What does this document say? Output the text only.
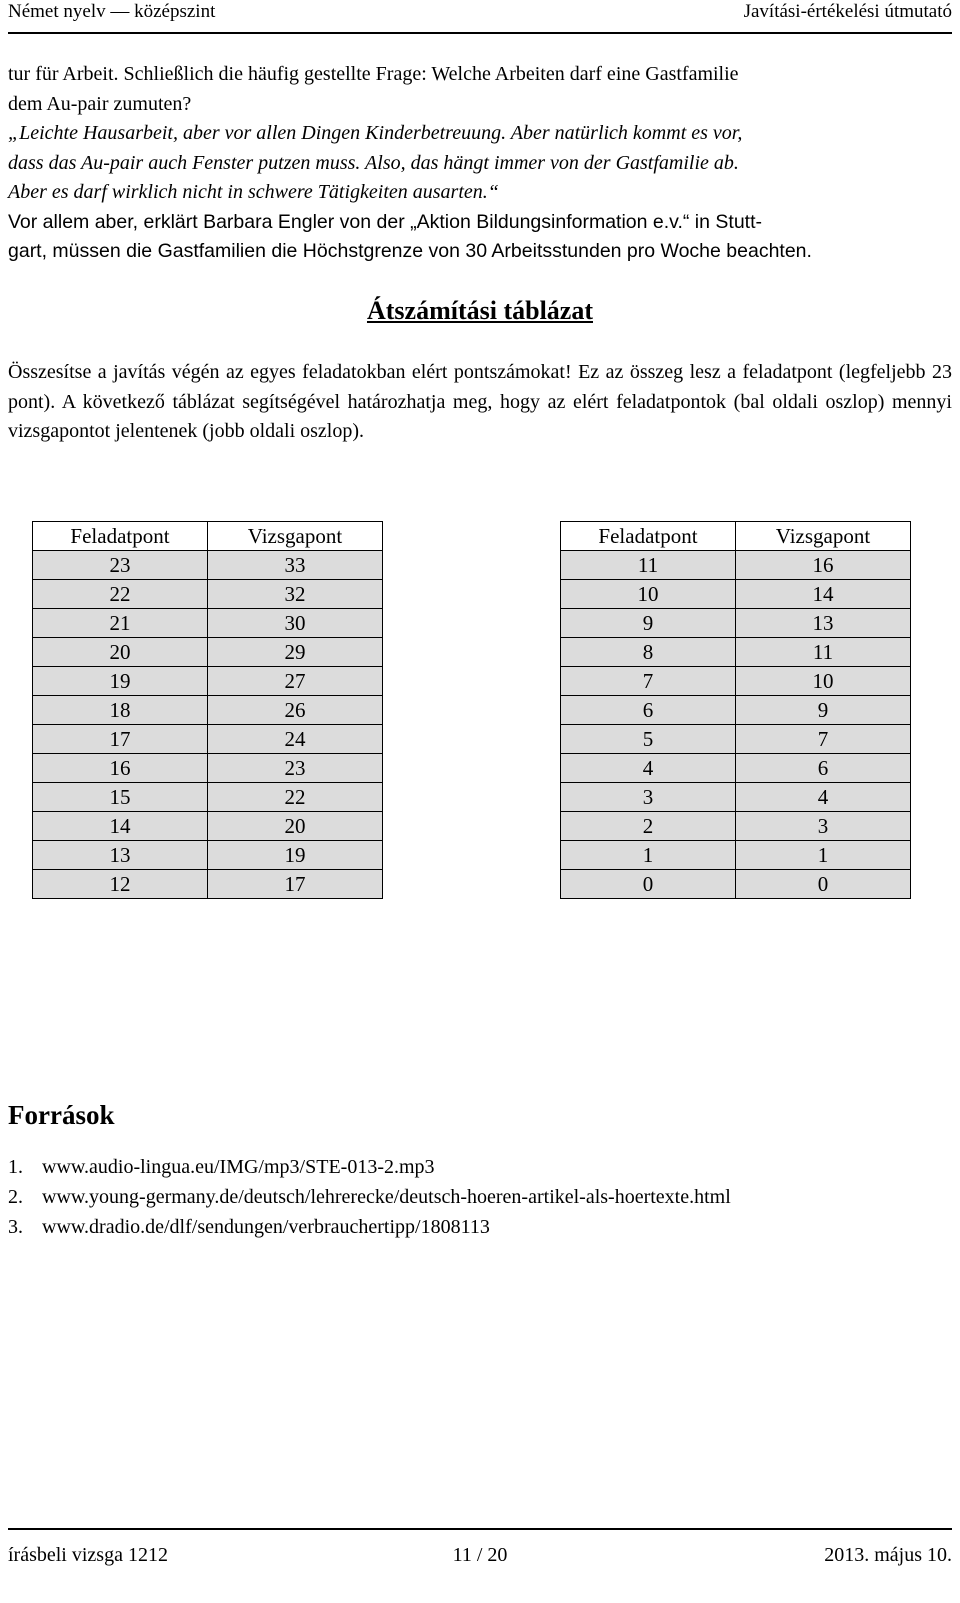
Német nyelv — középszint	Javítási-értékelési útmutató
tur für Arbeit. Schließlich die häufig gestellte Frage: Welche Arbeiten darf eine Gastfamilie
dem Au-pair zumuten?
„Leichte Hausarbeit, aber vor allen Dingen Kinderbetreuung. Aber natürlich kommt es vor,
dass das Au-pair auch Fenster putzen muss. Also, das hängt immer von der Gastfamilie ab.
Aber es darf wirklich nicht in schwere Tätigkeiten ausarten.“
Vor allem aber, erklärt Barbara Engler von der „Aktion Bildungsinformation e.v.“ in Stutt-
gart, müssen die Gastfamilien die Höchstgrenze von 30 Arbeitsstunden pro Woche beachten.
Átszámítási táblázat
Összesítse a javítás végén az egyes feladatokban elért pontszámokat! Ez az összeg lesz a feladatpont (legfeljebb 23 pont). A következő táblázat segítségével határozhatja meg, hogy az elért feladatpontok (bal oldali oszlop) mennyi vizsgapontot jelentenek (jobb oldali oszlop).
Feladatpont	Vizsgapont
23	33
22	32
21	30
20	29
19	27
18	26
17	24
16	23
15	22
14	20
13	19
12	17
Feladatpont	Vizsgapont
11	16
10	14
9	13
8	11
7	10
6	9
5	7
4	6
3	4
2	3
1	1
0	0
Források
1. www.audio-lingua.eu/IMG/mp3/STE-013-2.mp3
2. www.young-germany.de/deutsch/lehrerecke/deutsch-hoeren-artikel-als-hoertexte.html
3. www.dradio.de/dlf/sendungen/verbrauchertipp/1808113
írásbeli vizsga 1212	11 / 20	2013. május 10.
